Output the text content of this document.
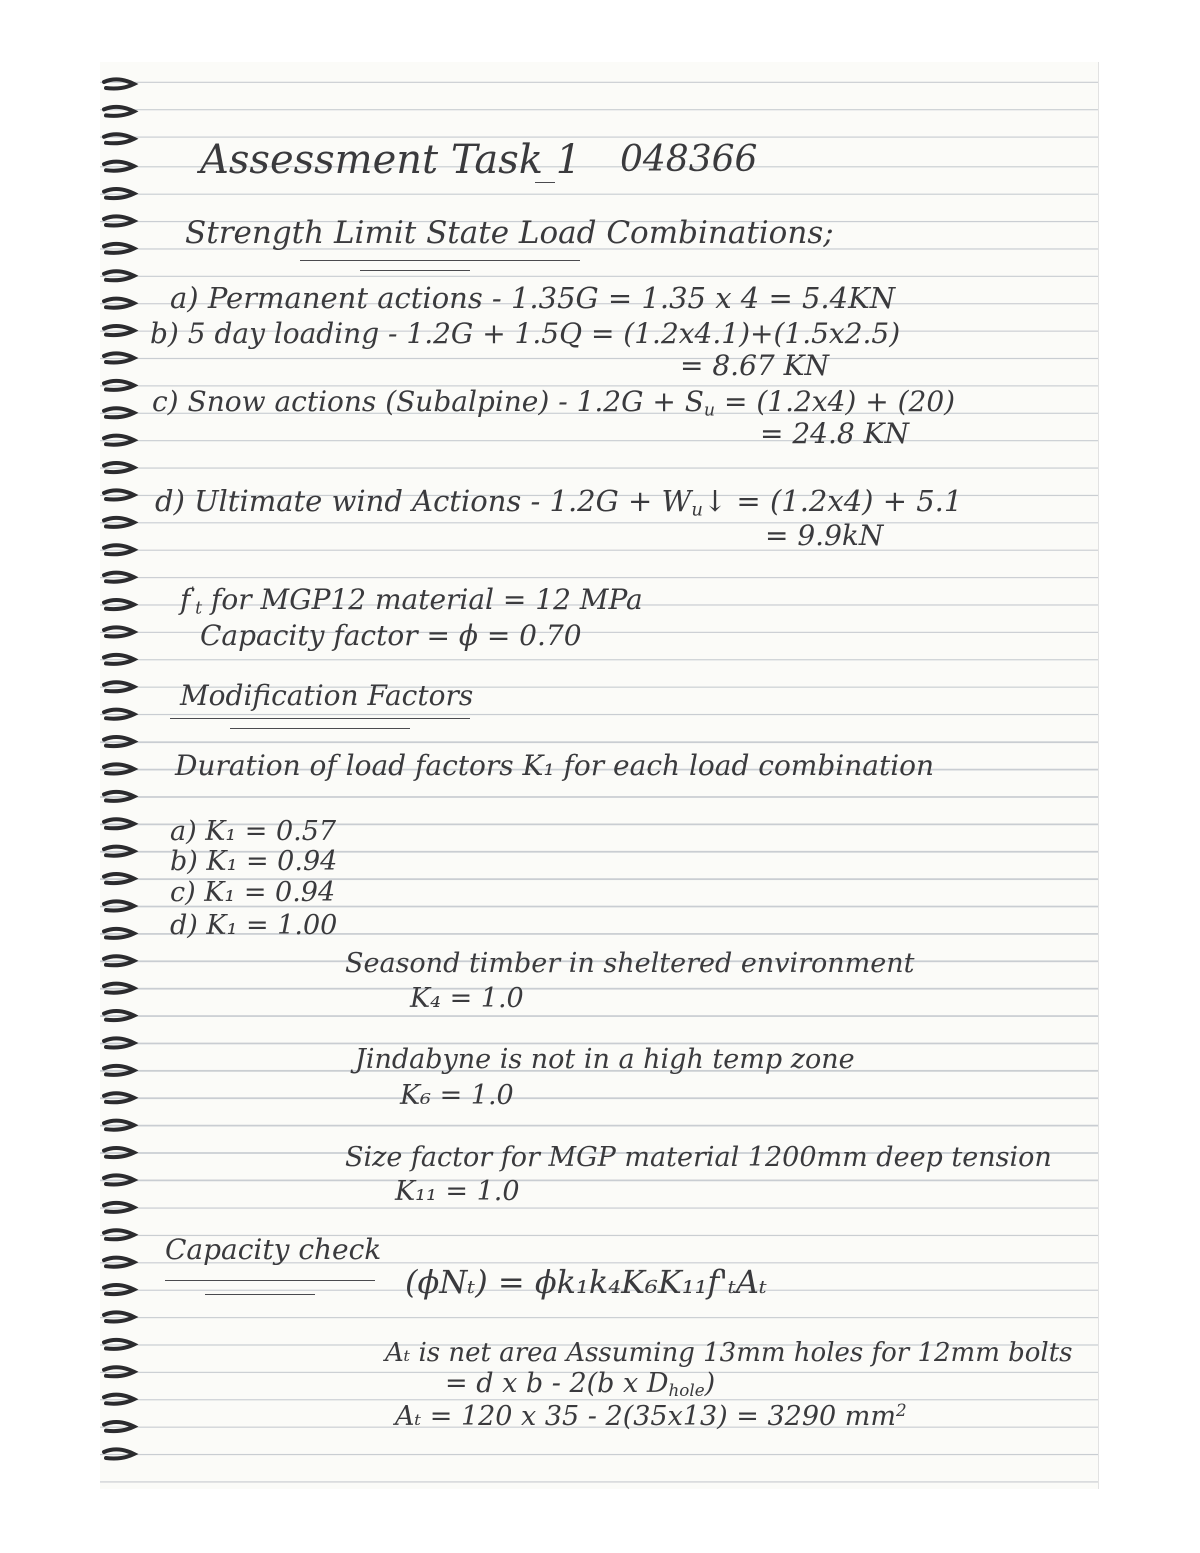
Assessment Task 1 048366
Strength Limit State Load Combinations;
a) Permanent actions - 1.35G = 1.35 x 4 = 5.4KN
b) 5 day loading - 1.2G + 1.5Q = (1.2x4.1)+(1.5x2.5)
= 8.67 KN
c) Snow actions (Subalpine) - $1.2G + S_u = (1.2x4) + (20)$
= 24.8 KN
d) Ultimate wind Actions - $1.2G + W_u↓ = (1.2x4) + 5.1$
= 9.9kN
$f'_t$ for MGP12 material = 12 MPa
Capacity factor = ϕ = 0.70
Modification Factors
Duration of load factors K₁ for each load combination
a) K₁ = 0.57
b) K₁ = 0.94
c) K₁ = 0.94
d) K₁ = 1.00
Seasond timber in sheltered environment
K₄ = 1.0
Jindabyne is not in a high temp zone
K₆ = 1.0
Size factor for MGP material 1200mm deep tension
K₁₁ = 1.0
Capacity check
(ϕNₜ) = ϕk₁k₄K₆K₁₁f'ₜAₜ
Aₜ is net area Assuming 13mm holes for 12mm bolts
= d x b - 2(b x $D_{hole}$)
Aₜ = 120 x 35 - 2(35x13) = 3290 $mm^2$
